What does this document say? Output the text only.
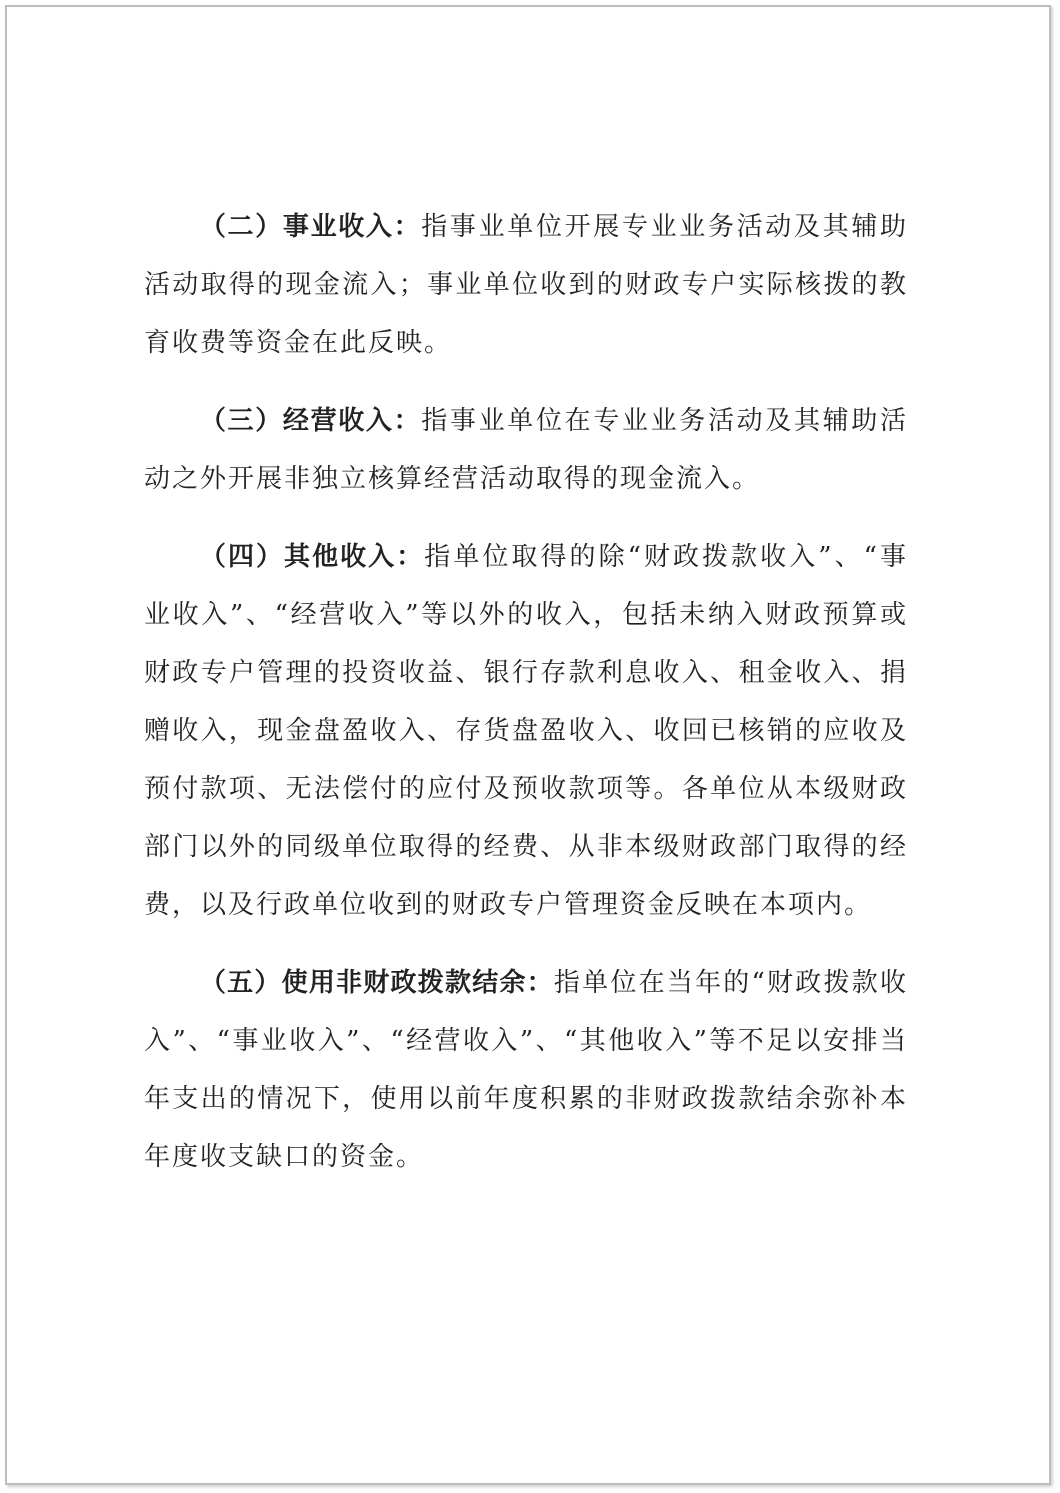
（二）事业收入：指事业单位开展专业业务活动及其辅助活动取得的现金流入；事业单位收到的财政专户实际核拨的教育收费等资金在此反映。

（三）经营收入：指事业单位在专业业务活动及其辅助活动之外开展非独立核算经营活动取得的现金流入。

（四）其他收入：指单位取得的除“财政拨款收入”、“事业收入”、“经营收入”等以外的收入，包括未纳入财政预算或财政专户管理的投资收益、银行存款利息收入、租金收入、捐赠收入，现金盘盈收入、存货盘盈收入、收回已核销的应收及预付款项、无法偿付的应付及预收款项等。各单位从本级财政部门以外的同级单位取得的经费、从非本级财政部门取得的经费，以及行政单位收到的财政专户管理资金反映在本项内。

（五）使用非财政拨款结余：指单位在当年的“财政拨款收入”、“事业收入”、“经营收入”、“其他收入”等不足以安排当年支出的情况下，使用以前年度积累的非财政拨款结余弥补本年度收支缺口的资金。
